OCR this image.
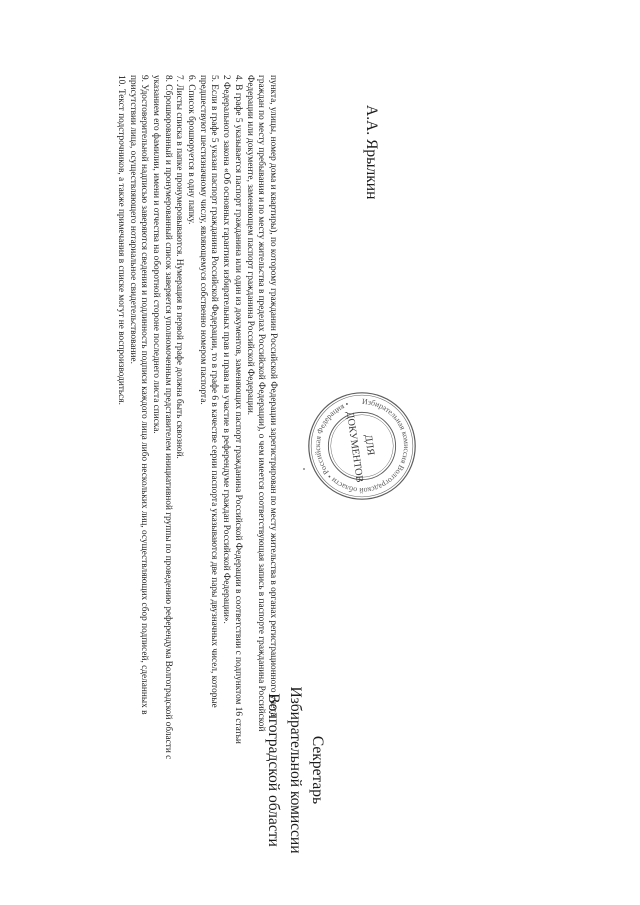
пункта, улицы, номер дома и квартиры), по которому гражданин Российской Федерации зарегистрирован по месту жительства в органах регистрационного учета

граждан по месту пребывания и по месту жительства в пределах Российской Федерации), о чем имеется соответствующая запись в паспорте гражданина Российской

Федерации или документе, заменяющем паспорт гражданина Российской Федерации.

4. В графе 5 указывается паспорт гражданина или один из документов, заменяющих паспорт гражданина Российской Федерации в соответствии с подпунктом 16 статьи

2 Федерального закона «Об основных гарантиях избирательных прав и права на участие в референдуме граждан Российской Федерации».

5. Если в графе 5 указан паспорт гражданина Российской Федерации, то в графе 6 в качестве серии паспорта указываются две пары двузначных чисел, которые

предшествуют шестизначному числу, являющемуся собственно номером паспорта.

6. Список брошюруется в одну папку.

7. Листы списка в папке пронумеровываются. Нумерация в первой графе должна быть сквозной.

8. Сброшюрованный и пронумерованный список заверяется уполномоченным представителем инициативной группы по проведению референдума Волгоградской области с

указанием его фамилии, имени и отчества на оборотной стороне последнего листа списка.

9. Удостоверительной надписью заверяются сведения и подлинность подписи каждого лица либо нескольких лиц, осуществляющих сбор подписей, сделанных в

присутствии лица, осуществляющего нотариальное свидетельствование.

10. Текст подстрочников, а также примечания в списке могут не воспроизводиться.	Избирательная комиссия Волгоградской области • Российская Федерация •
ДЛЯ
ДОКУМЕНТОВ
Секретарь
Избирательной комиссии
Волгоградской области
А.А. Ярылкин
